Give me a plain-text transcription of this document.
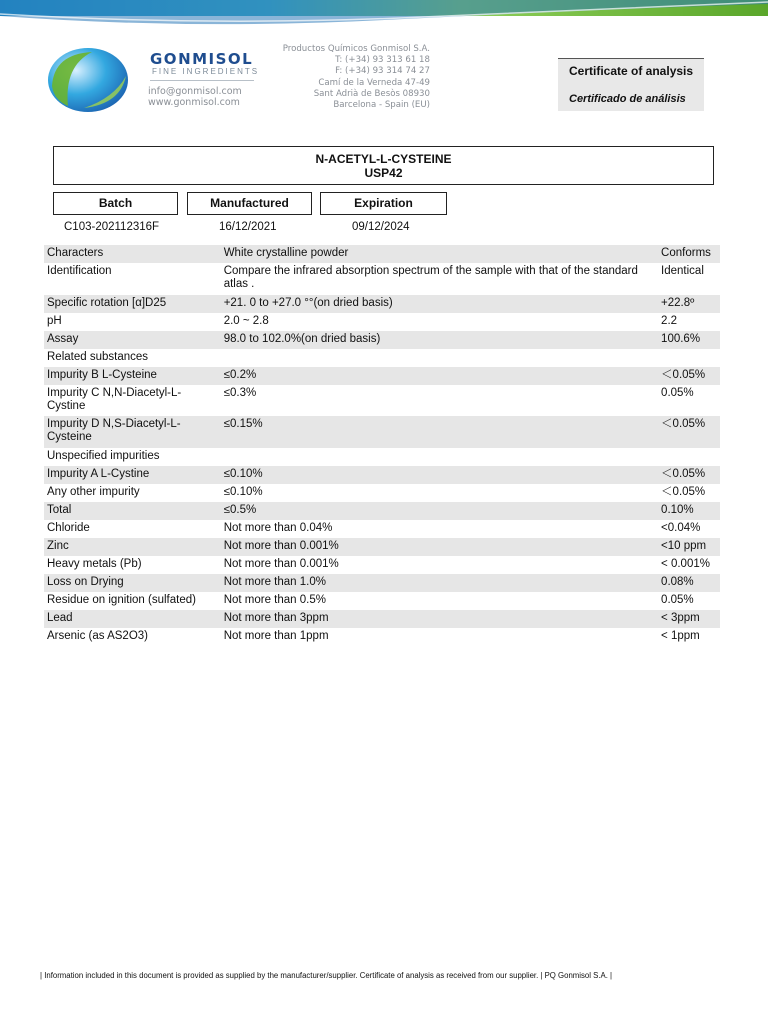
GONMISOL
FINE INGREDIENTS
info@gonmisol.com
www.gonmisol.com
Productos Químicos Gonmisol S.A.
T: (+34) 93 313 61 18
F: (+34) 93 314 74 27
Camí de la Verneda 47-49
Sant Adrià de Besòs 08930
Barcelona - Spain (EU)
Certificate of analysis
Certificado de análisis
N-ACETYL-L-CYSTEINE
USP42
Batch	Manufactured	Expiration
C103-202112316F	16/12/2021	09/12/2024
Characters	White crystalline powder	Conforms
Identification	Compare the infrared absorption spectrum of the sample with that of the standard atlas .	Identical
Specific rotation [α]D25	+21. 0 to +27.0 °°(on dried basis)	+22.8º
pH	2.0 ~ 2.8	2.2
Assay	98.0 to 102.0%(on dried basis)	100.6%
Related substances		
Impurity B L-Cysteine	≤0.2%	＜0.05%
Impurity C N,N-Diacetyl-L-Cystine	≤0.3%	0.05%
Impurity D N,S-Diacetyl-L-Cysteine	≤0.15%	＜0.05%
Unspecified impurities		
Impurity A L-Cystine	≤0.10%	＜0.05%
Any other impurity	≤0.10%	＜0.05%
Total	≤0.5%	0.10%
Chloride	Not more than 0.04%	<0.04%
Zinc	Not more than 0.001%	<10 ppm
Heavy metals (Pb)	Not more than 0.001%	< 0.001%
Loss on Drying	Not more than 1.0%	0.08%
Residue on ignition (sulfated)	Not more than 0.5%	0.05%
Lead	Not more than 3ppm	< 3ppm
Arsenic (as AS2O3)	Not more than 1ppm	< 1ppm
| Information included in this document is provided as supplied by the manufacturer/supplier. Certificate of analysis as received from our supplier. | PQ Gonmisol S.A. |
